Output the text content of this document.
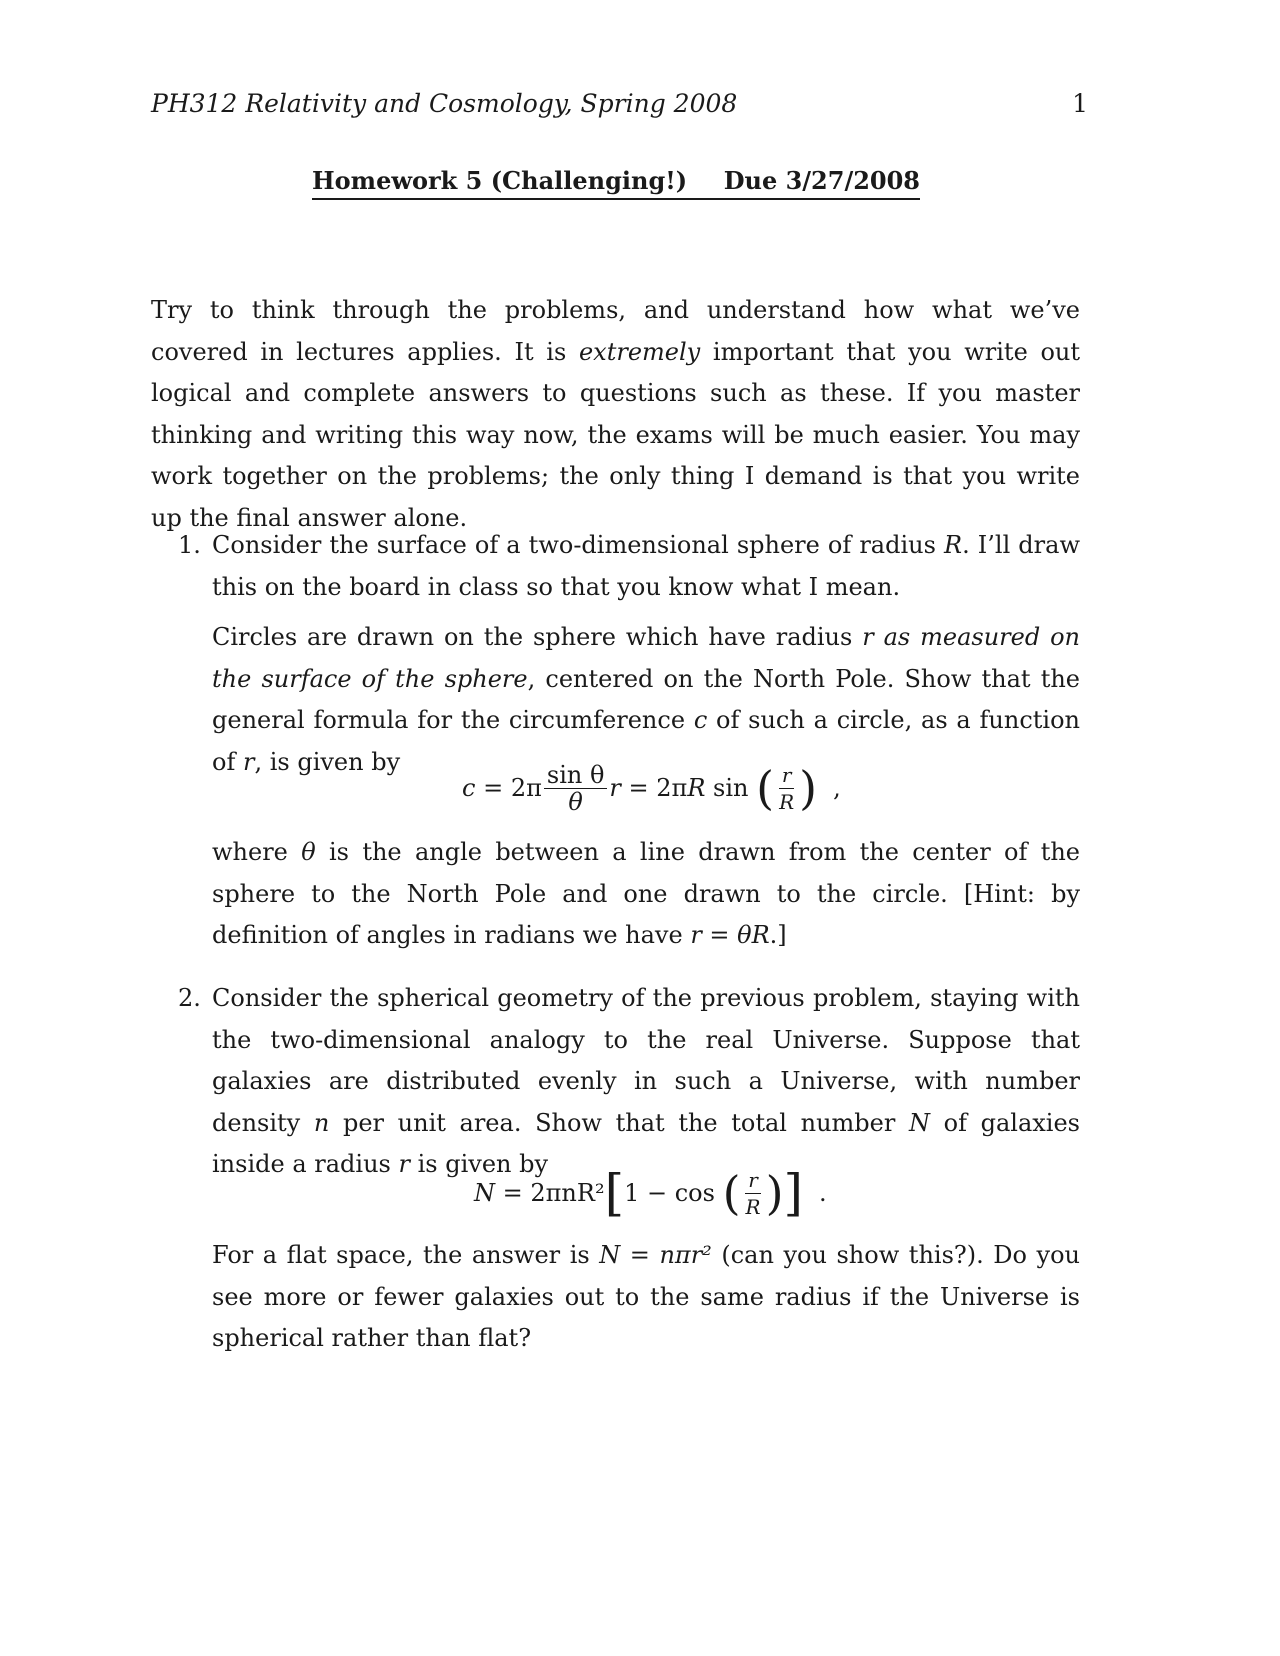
PH312 Relativity and Cosmology, Spring 2008	1
Homework 5 (Challenging!) Due 3/27/2008
Try to think through the problems, and understand how what we’ve covered in lectures applies. It is extremely important that you write out logical and complete answers to questions such as these. If you master thinking and writing this way now, the exams will be much easier. You may work together on the problems; the only thing I demand is that you write up the final answer alone.
1. Consider the surface of a two-dimensional sphere of radius R. I’ll draw this on the board in class so that you know what I mean.
Circles are drawn on the sphere which have radius r as measured on the surface of the sphere, centered on the North Pole. Show that the general formula for the circumference c of such a circle, as a function of r, is given by
$c = 2\pi \frac{\text{sin θ}}{\theta}$ r = 2π R sin ( $\frac{r}{R}$ ) ,
where θ is the angle between a line drawn from the center of the sphere to the North Pole and one drawn to the circle. [Hint: by definition of angles in radians we have r = θR.]
2. Consider the spherical geometry of the previous problem, staying with the two-dimensional analogy to the real Universe. Suppose that galaxies are distributed evenly in such a Universe, with number density n per unit area. Show that the total number N of galaxies inside a radius r is given by
N = 2πnR² [ 1 − cos ( $\frac{r}{R}$ ) ] .
For a flat space, the answer is N = nπr² (can you show this?). Do you see more or fewer galaxies out to the same radius if the Universe is spherical rather than flat?
